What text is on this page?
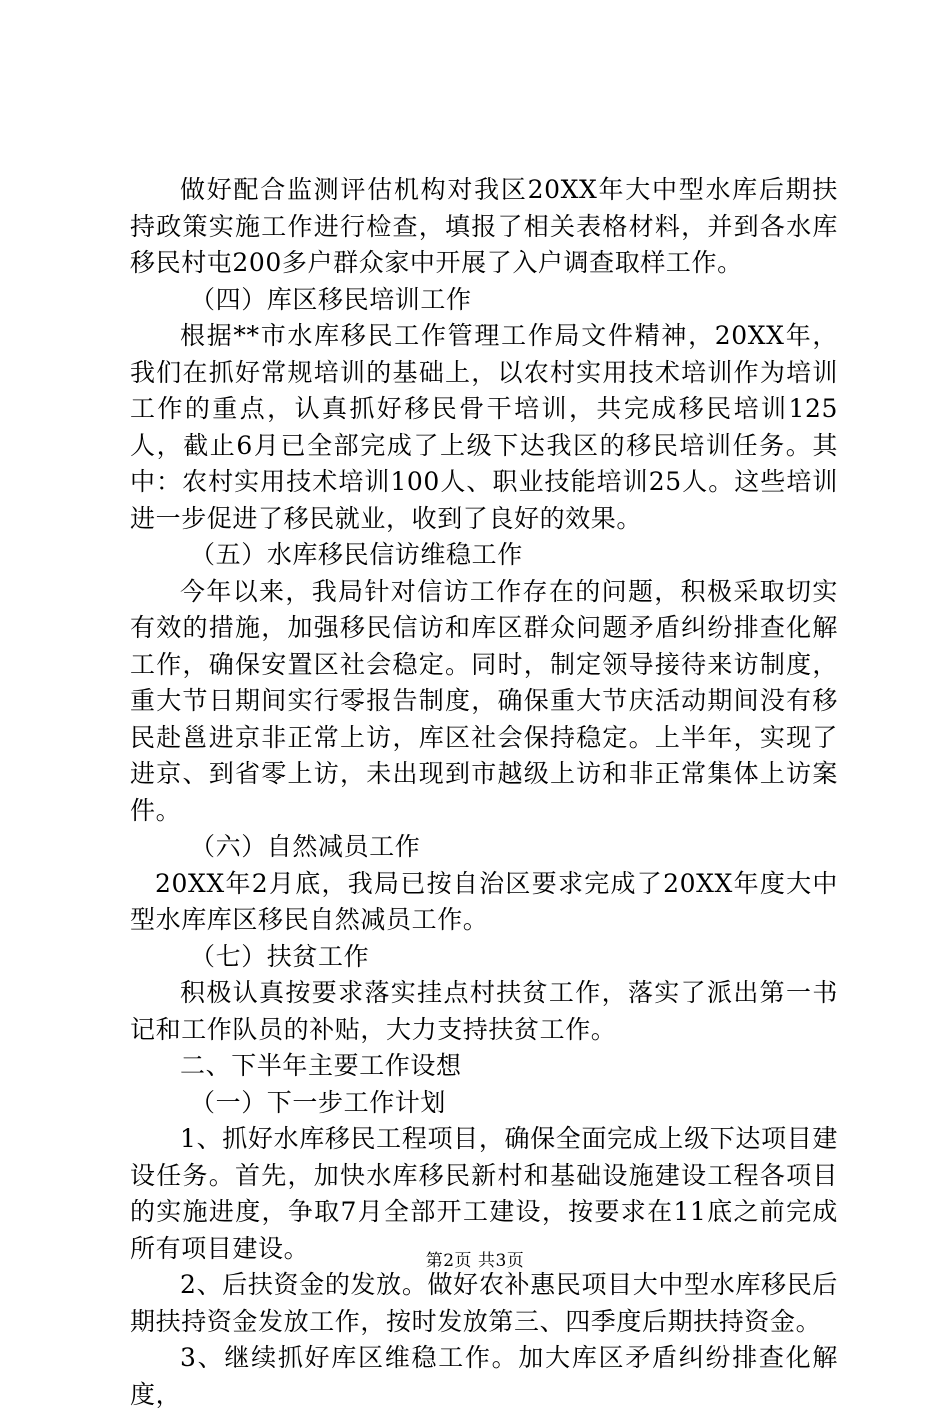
做好配合监测评估机构对我区20XX年大中型水库后期扶持政策实施工作进行检查，填报了相关表格材料，并到各水库移民村屯200多户群众家中开展了入户调查取样工作。

（四）库区移民培训工作

根据**市水库移民工作管理工作局文件精神，20XX年，我们在抓好常规培训的基础上，以农村实用技术培训作为培训工作的重点，认真抓好移民骨干培训，共完成移民培训125人，截止6月已全部完成了上级下达我区的移民培训任务。其中：农村实用技术培训100人、职业技能培训25人。这些培训进一步促进了移民就业，收到了良好的效果。

（五）水库移民信访维稳工作

今年以来，我局针对信访工作存在的问题，积极采取切实有效的措施，加强移民信访和库区群众问题矛盾纠纷排查化解工作，确保安置区社会稳定。同时，制定领导接待来访制度，重大节日期间实行零报告制度，确保重大节庆活动期间没有移民赴邕进京非正常上访，库区社会保持稳定。上半年，实现了进京、到省零上访，未出现到市越级上访和非正常集体上访案件。

（六）自然减员工作

20XX年2月底，我局已按自治区要求完成了20XX年度大中型水库库区移民自然减员工作。

（七）扶贫工作

积极认真按要求落实挂点村扶贫工作，落实了派出第一书记和工作队员的补贴，大力支持扶贫工作。

二、下半年主要工作设想

（一）下一步工作计划

1、抓好水库移民工程项目，确保全面完成上级下达项目建设任务。首先，加快水库移民新村和基础设施建设工程各项目的实施进度，争取7月全部开工建设，按要求在11底之前完成所有项目建设。

2、后扶资金的发放。做好农补惠民项目大中型水库移民后期扶持资金发放工作，按时发放第三、四季度后期扶持资金。

3、继续抓好库区维稳工作。加大库区矛盾纠纷排查化解度，

第2页 共3页
